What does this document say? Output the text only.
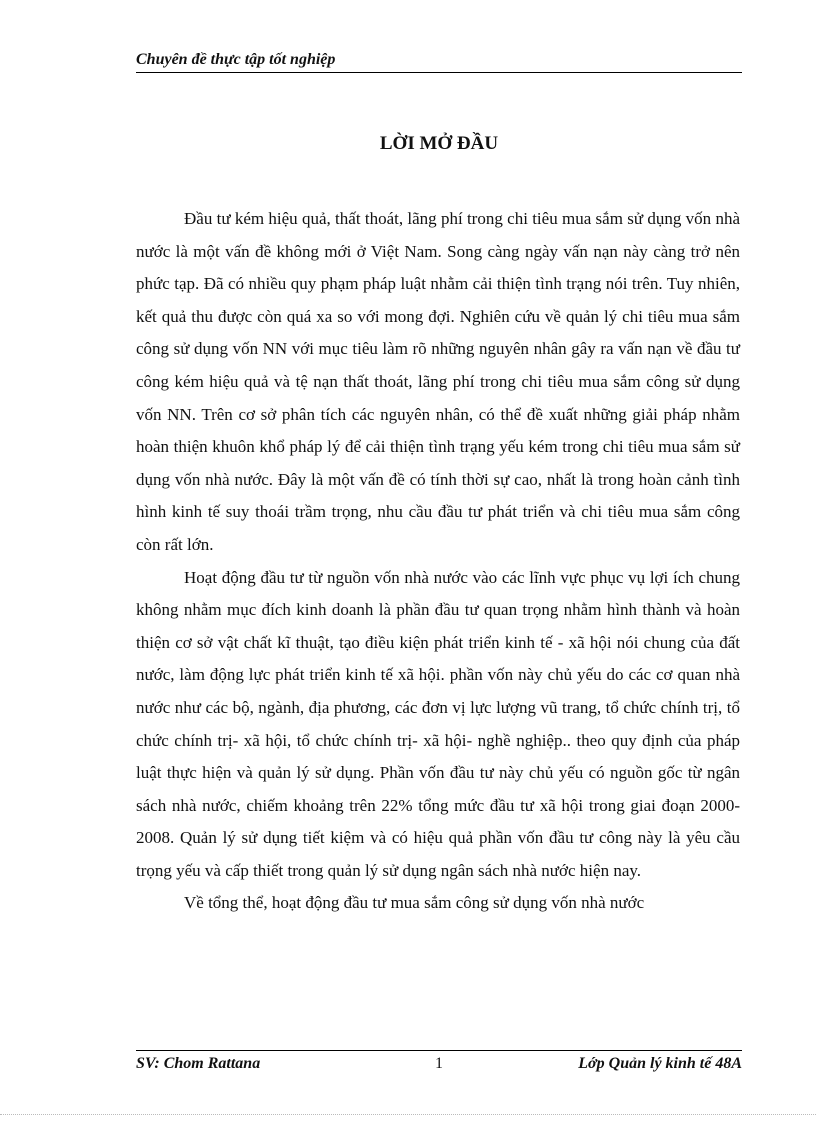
Chuyên đề thực tập tốt nghiệp
LỜI MỞ ĐẦU

Đầu tư kém hiệu quả, thất thoát, lãng phí trong chi tiêu mua sắm sử dụng vốn nhà nước là một vấn đề không mới ở Việt Nam. Song càng ngày vấn nạn này càng trở nên phức tạp. Đã có nhiều quy phạm pháp luật nhằm cải thiện tình trạng nói trên. Tuy nhiên, kết quả thu được còn quá xa so với mong đợi. Nghiên cứu về quản lý chi tiêu mua sắm công sử dụng vốn NN với mục tiêu làm rõ những nguyên nhân gây ra vấn nạn về đầu tư công kém hiệu quả và tệ nạn thất thoát, lãng phí trong chi tiêu mua sắm công sử dụng vốn NN. Trên cơ sở phân tích các nguyên nhân, có thể đề xuất những giải pháp nhằm hoàn thiện khuôn khổ pháp lý để cải thiện tình trạng yếu kém trong chi tiêu mua sắm sử dụng vốn nhà nước. Đây là một vấn đề có tính thời sự cao, nhất là trong hoàn cảnh tình hình kinh tế suy thoái trầm trọng, nhu cầu đầu tư phát triển và chi tiêu mua sắm công còn rất lớn.

Hoạt động đầu tư từ nguồn vốn nhà nước vào các lĩnh vực phục vụ lợi ích chung không nhằm mục đích kinh doanh là phần đầu tư quan trọng nhằm hình thành và hoàn thiện cơ sở vật chất kĩ thuật, tạo điều kiện phát triển kinh tế - xã hội nói chung của đất nước, làm động lực phát triển kinh tế xã hội. phần vốn này chủ yếu do các cơ quan nhà nước như các bộ, ngành, địa phương, các đơn vị lực lượng vũ trang, tổ chức chính trị, tổ chức chính trị- xã hội, tổ chức chính trị- xã hội- nghề nghiệp.. theo quy định của pháp luật thực hiện và quản lý sử dụng. Phần vốn đầu tư này chủ yếu có nguồn gốc từ ngân sách nhà nước, chiếm khoảng trên 22% tổng mức đầu tư xã hội trong giai đoạn 2000-2008. Quản lý sử dụng tiết kiệm và có hiệu quả phần vốn đầu tư công này là yêu cầu trọng yếu và cấp thiết trong quản lý sử dụng ngân sách nhà nước hiện nay.

Về tổng thể, hoạt động đầu tư mua sắm công sử dụng vốn nhà nước

SV: Chom Rattana	1	Lớp Quản lý kinh tế 48A
